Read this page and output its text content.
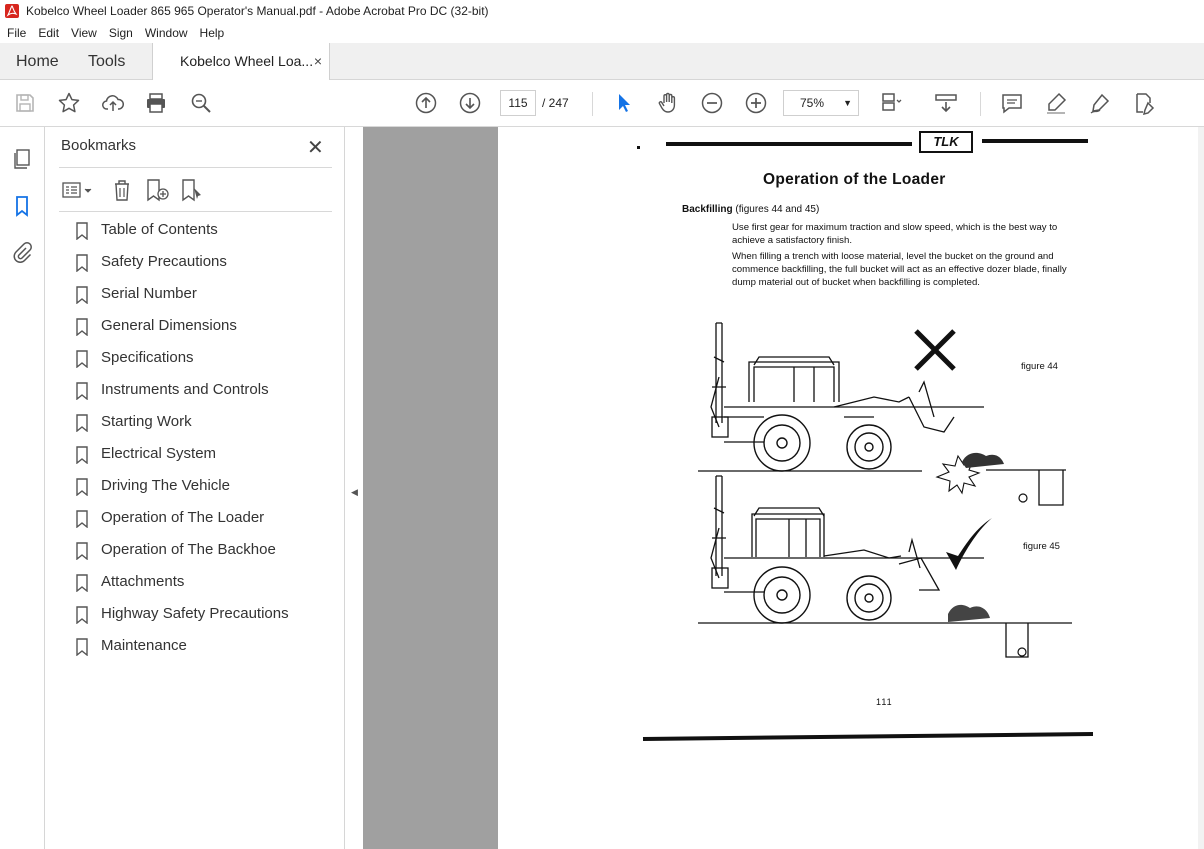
Kobelco Wheel Loader 865 965 Operator's Manual.pdf - Adobe Acrobat Pro DC (32-bit)
File	Edit	View	Sign	Window	Help
Home Tools	Kobelco Wheel Loa... ×
115	/ 247	75% ▼
Bookmarks	✕
Table of Contents
Safety Precautions
Serial Number
General Dimensions
Specifications
Instruments and Controls
Starting Work
Electrical System
Driving The Vehicle
Operation of The Loader
Operation of The Backhoe
Attachments
Highway Safety Precautions
Maintenance
◀
TLK
Operation of the Loader
Backfilling (figures 44 and 45)
Use first gear for maximum traction and slow speed, which is the best way to achieve a satisfactory finish.
When filling a trench with loose material, level the bucket on the ground and commence backfilling, the full bucket will act as an effective dozer blade, finally dump material out of bucket when backfilling is completed.
figure 44
figure 45
111
